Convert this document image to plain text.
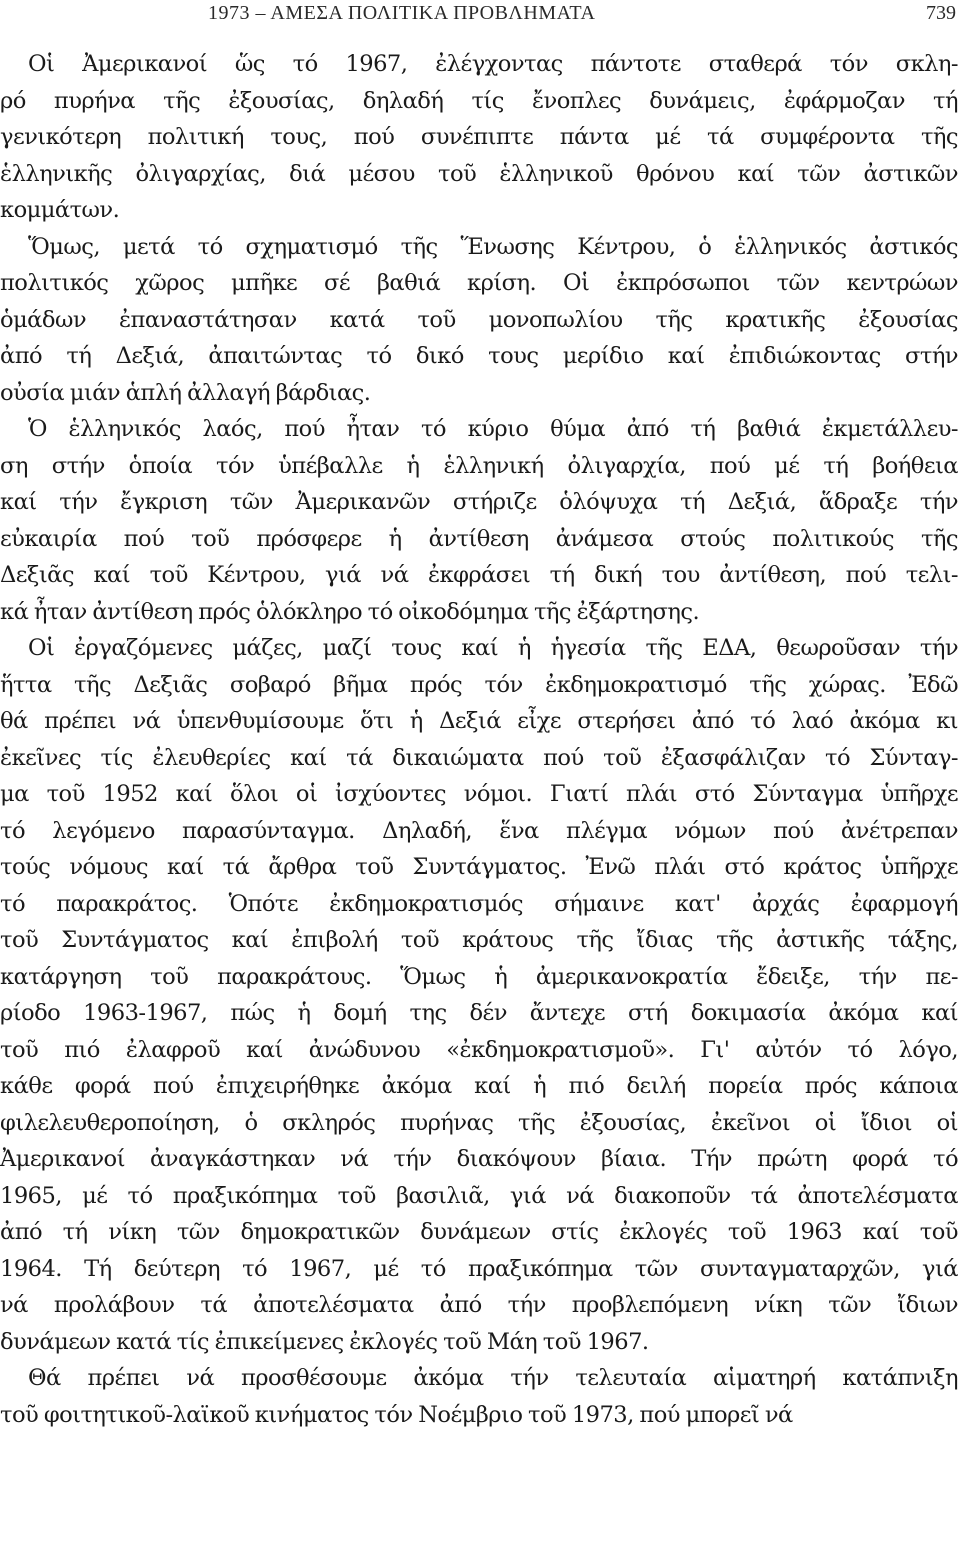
1973 – ΑΜΕΣΑ ΠΟΛΙΤΙΚΑ ΠΡΟΒΛΗΜΑΤΑ	739
Οἱ Ἀμερικανοί ὥς τό 1967, ἐλέγχοντας πάντοτε σταθερά τόν σκλη-
ρό πυρήνα τῆς ἐξουσίας, δηλαδή τίς ἔνοπλες δυνάμεις, ἐφάρμοζαν τή
γενικότερη πολιτική τους, πού συνέπιπτε πάντα μέ τά συμφέροντα τῆς
ἑλληνικῆς ὀλιγαρχίας, διά μέσου τοῦ ἑλληνικοῦ θρόνου καί τῶν ἀστικῶν
κομμάτων.
Ὅμως, μετά τό σχηματισμό τῆς Ἕνωσης Κέντρου, ὁ ἑλληνικός ἀστικός
πολιτικός χῶρος μπῆκε σέ βαθιά κρίση. Οἱ ἐκπρόσωποι τῶν κεντρώων
ὁμάδων ἐπαναστάτησαν κατά τοῦ μονοπωλίου τῆς κρατικῆς ἐξουσίας
ἀπό τή Δεξιά, ἀπαιτώντας τό δικό τους μερίδιο καί ἐπιδιώκοντας στήν
οὐσία μιάν ἁπλή ἀλλαγή βάρδιας.
Ὁ ἑλληνικός λαός, πού ἦταν τό κύριο θύμα ἀπό τή βαθιά ἐκμετάλλευ-
ση στήν ὁποία τόν ὑπέβαλλε ἡ ἑλληνική ὀλιγαρχία, πού μέ τή βοήθεια
καί τήν ἔγκριση τῶν Ἀμερικανῶν στήριζε ὁλόψυχα τή Δεξιά, ἅδραξε τήν
εὐκαιρία πού τοῦ πρόσφερε ἡ ἀντίθεση ἀνάμεσα στούς πολιτικούς τῆς
Δεξιᾶς καί τοῦ Κέντρου, γιά νά ἐκφράσει τή δική του ἀντίθεση, πού τελι-
κά ἦταν ἀντίθεση πρός ὁλόκληρο τό οἰκοδόμημα τῆς ἐξάρτησης.
Οἱ ἐργαζόμενες μάζες, μαζί τους καί ἡ ἡγεσία τῆς ΕΔΑ, θεωροῦσαν τήν
ἥττα τῆς Δεξιᾶς σοβαρό βῆμα πρός τόν ἐκδημοκρατισμό τῆς χώρας. Ἐδῶ
θά πρέπει νά ὑπενθυμίσουμε ὅτι ἡ Δεξιά εἶχε στερήσει ἀπό τό λαό ἀκόμα κι
ἐκεῖνες τίς ἐλευθερίες καί τά δικαιώματα πού τοῦ ἐξασφάλιζαν τό Σύνταγ-
μα τοῦ 1952 καί ὅλοι οἱ ἰσχύοντες νόμοι. Γιατί πλάι στό Σύνταγμα ὑπῆρχε
τό λεγόμενο παρασύνταγμα. Δηλαδή, ἕνα πλέγμα νόμων πού ἀνέτρεπαν
τούς νόμους καί τά ἄρθρα τοῦ Συντάγματος. Ἐνῶ πλάι στό κράτος ὑπῆρχε
τό παρακράτος. Ὁπότε ἐκδημοκρατισμός σήμαινε κατ' ἀρχάς ἐφαρμογή
τοῦ Συντάγματος καί ἐπιβολή τοῦ κράτους τῆς ἴδιας τῆς ἀστικῆς τάξης,
κατάργηση τοῦ παρακράτους. Ὅμως ἡ ἀμερικανοκρατία ἔδειξε, τήν πε-
ρίοδο 1963-1967, πώς ἡ δομή της δέν ἄντεχε στή δοκιμασία ἀκόμα καί
τοῦ πιό ἐλαφροῦ καί ἀνώδυνου «ἐκδημοκρατισμοῦ». Γι' αὐτόν τό λόγο,
κάθε φορά πού ἐπιχειρήθηκε ἀκόμα καί ἡ πιό δειλή πορεία πρός κάποια
φιλελευθεροποίηση, ὁ σκληρός πυρήνας τῆς ἐξουσίας, ἐκεῖνοι οἱ ἴδιοι οἱ
Ἀμερικανοί ἀναγκάστηκαν νά τήν διακόψουν βίαια. Τήν πρώτη φορά τό
1965, μέ τό πραξικόπημα τοῦ βασιλιᾶ, γιά νά διακοποῦν τά ἀποτελέσματα
ἀπό τή νίκη τῶν δημοκρατικῶν δυνάμεων στίς ἐκλογές τοῦ 1963 καί τοῦ
1964. Τή δεύτερη τό 1967, μέ τό πραξικόπημα τῶν συνταγματαρχῶν, γιά
νά προλάβουν τά ἀποτελέσματα ἀπό τήν προβλεπόμενη νίκη τῶν ἴδιων
δυνάμεων κατά τίς ἐπικείμενες ἐκλογές τοῦ Μάη τοῦ 1967.
Θά πρέπει νά προσθέσουμε ἀκόμα τήν τελευταία αἱματηρή κατάπνιξη
τοῦ φοιτητικοῦ-λαϊκοῦ κινήματος τόν Νοέμβριο τοῦ 1973, πού μπορεῖ νά
